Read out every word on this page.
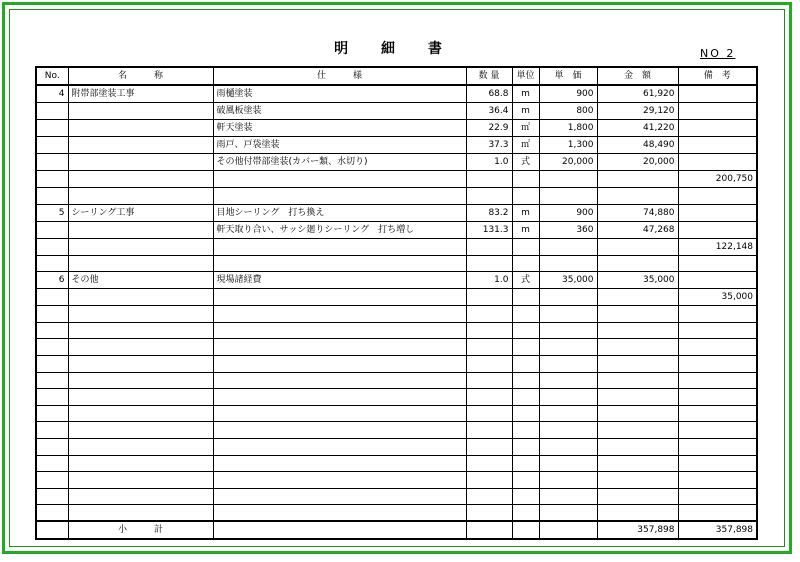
明 細 書	NO 2
No.	名　　　称	仕　　　様	数 量	単位	単　価	金　額	備　考
4	附帯部塗装工事	雨樋塗装	68.8	m	900	61,920	
		破風板塗装	36.4	m	800	29,120	
		軒天塗装	22.9	㎡	1,800	41,220	
		雨戸、戸袋塗装	37.3	㎡	1,300	48,490	
		その他付帯部塗装(カバー類、水切り)	1.0	式	20,000	20,000	
							200,750

5	シーリング工事	目地シーリング　打ち換え	83.2	m	900	74,880	
		軒天取り合い、サッシ廻りシーリング　打ち増し	131.3	m	360	47,268	
							122,148

6	その他	現場諸経費	1.0	式	35,000	35,000	
							35,000

	小　　　計					357,898	357,898
